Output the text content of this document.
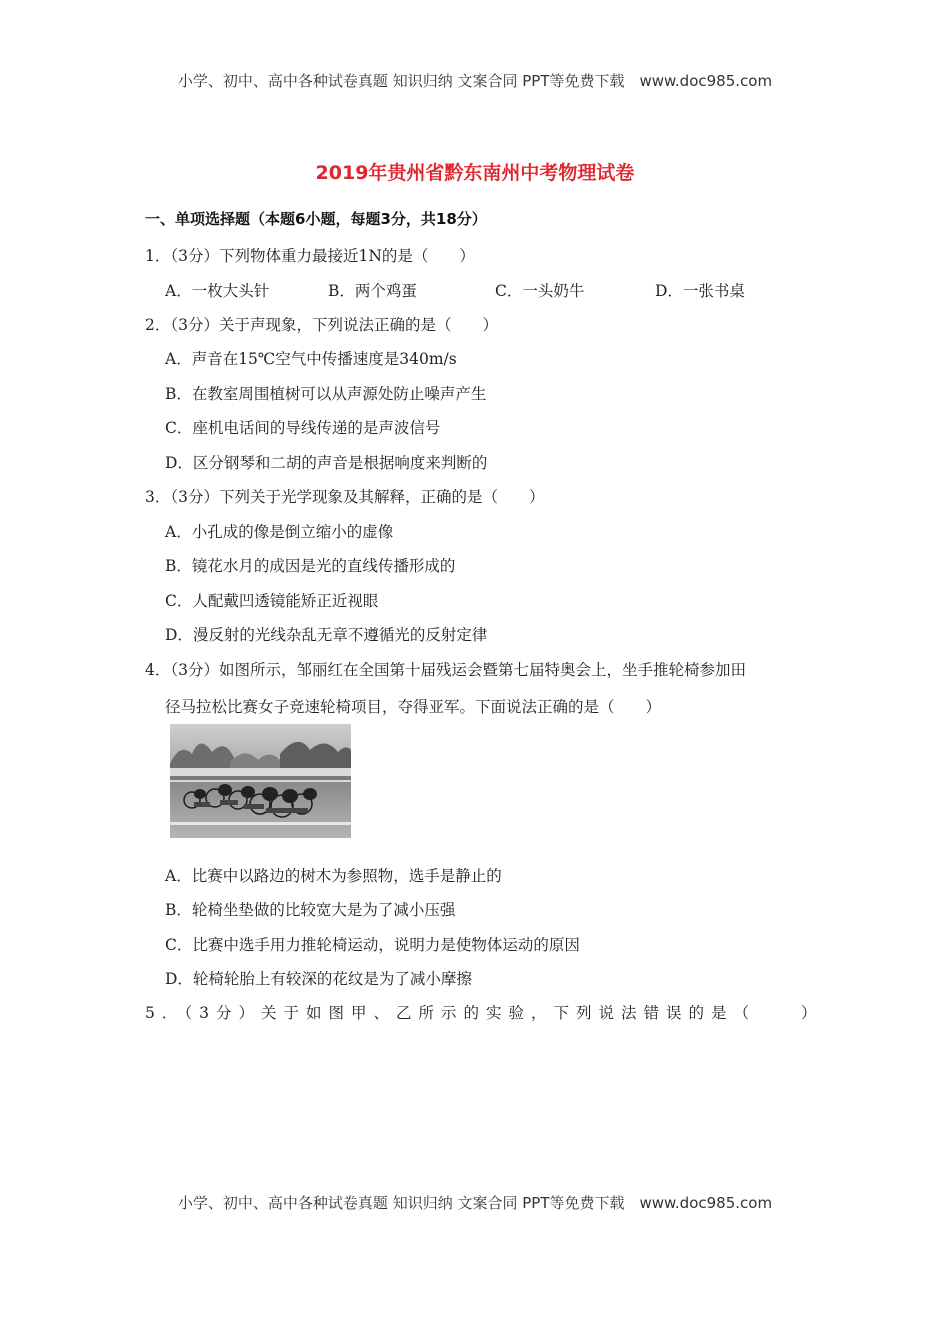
小学、初中、高中各种试卷真题 知识归纳 文案合同 PPT等免费下载　www.doc985.com
2019年贵州省黔东南州中考物理试卷
一、单项选择题（本题6小题，每题3分，共18分）
1．（3分）下列物体重力最接近1N的是（　　）
A．一枚大头针	B．两个鸡蛋	C．一头奶牛	D．一张书桌
2．（3分）关于声现象，下列说法正确的是（　　）
A．声音在15℃空气中传播速度是340m/s
B．在教室周围植树可以从声源处防止噪声产生
C．座机电话间的导线传递的是声波信号
D．区分钢琴和二胡的声音是根据响度来判断的
3．（3分）下列关于光学现象及其解释，正确的是（　　）
A．小孔成的像是倒立缩小的虚像
B．镜花水月的成因是光的直线传播形成的
C．人配戴凹透镜能矫正近视眼
D．漫反射的光线杂乱无章不遵循光的反射定律
4．（3分）如图所示，邹丽红在全国第十届残运会暨第七届特奥会上，坐手推轮椅参加田
径马拉松比赛女子竞速轮椅项目，夺得亚军。下面说法正确的是（　　）
A．比赛中以路边的树木为参照物，选手是静止的
B．轮椅坐垫做的比较宽大是为了减小压强
C．比赛中选手用力推轮椅运动，说明力是使物体运动的原因
D．轮椅轮胎上有较深的花纹是为了减小摩擦
5．（3分）关于如图甲、乙所示的实验，下列说法错误的是（　　）
小学、初中、高中各种试卷真题 知识归纳 文案合同 PPT等免费下载　www.doc985.com
